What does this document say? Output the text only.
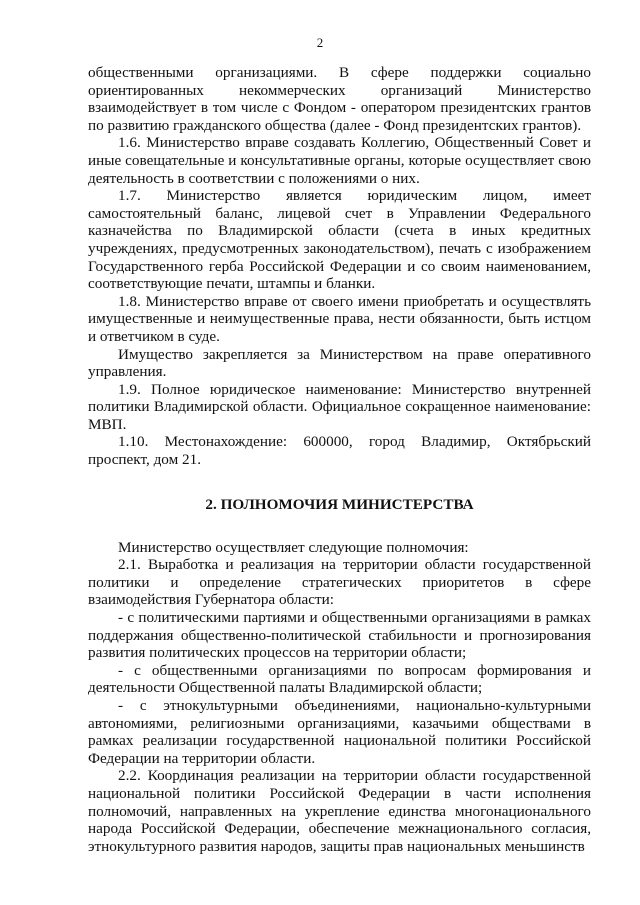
2

общественными организациями. В сфере поддержки социально ориентированных некоммерческих организаций Министерство взаимодействует в том числе с Фондом - оператором президентских грантов по развитию гражданского общества (далее - Фонд президентских грантов).

1.6. Министерство вправе создавать Коллегию, Общественный Совет и иные совещательные и консультативные органы, которые осуществляет свою деятельность в соответствии с положениями о них.

1.7. Министерство является юридическим лицом, имеет самостоятельный баланс, лицевой счет в Управлении Федерального казначейства по Владимирской области (счета в иных кредитных учреждениях, предусмотренных законодательством), печать с изображением Государственного герба Российской Федерации и со своим наименованием, соответствующие печати, штампы и бланки.

1.8. Министерство вправе от своего имени приобретать и осуществлять имущественные и неимущественные права, нести обязанности, быть истцом и ответчиком в суде.

Имущество закрепляется за Министерством на праве оперативного управления.

1.9. Полное юридическое наименование: Министерство внутренней политики Владимирской области. Официальное сокращенное наименование: МВП.

1.10. Местонахождение: 600000, город Владимир, Октябрьский проспект, дом 21.

2. ПОЛНОМОЧИЯ МИНИСТЕРСТВА

Министерство осуществляет следующие полномочия:

2.1. Выработка и реализация на территории области государственной политики и определение стратегических приоритетов в сфере взаимодействия Губернатора области:

- с политическими партиями и общественными организациями в рамках поддержания общественно-политической стабильности и прогнозирования развития политических процессов на территории области;

- с общественными организациями по вопросам формирования и деятельности Общественной палаты Владимирской области;

- с этнокультурными объединениями, национально-культурными автономиями, религиозными организациями, казачьими обществами в рамках реализации государственной национальной политики Российской Федерации на территории области.

2.2. Координация реализации на территории области государственной национальной политики Российской Федерации в части исполнения полномочий, направленных на укрепление единства многонационального народа Российской Федерации, обеспечение межнационального согласия, этнокультурного развития народов, защиты прав национальных меньшинств
